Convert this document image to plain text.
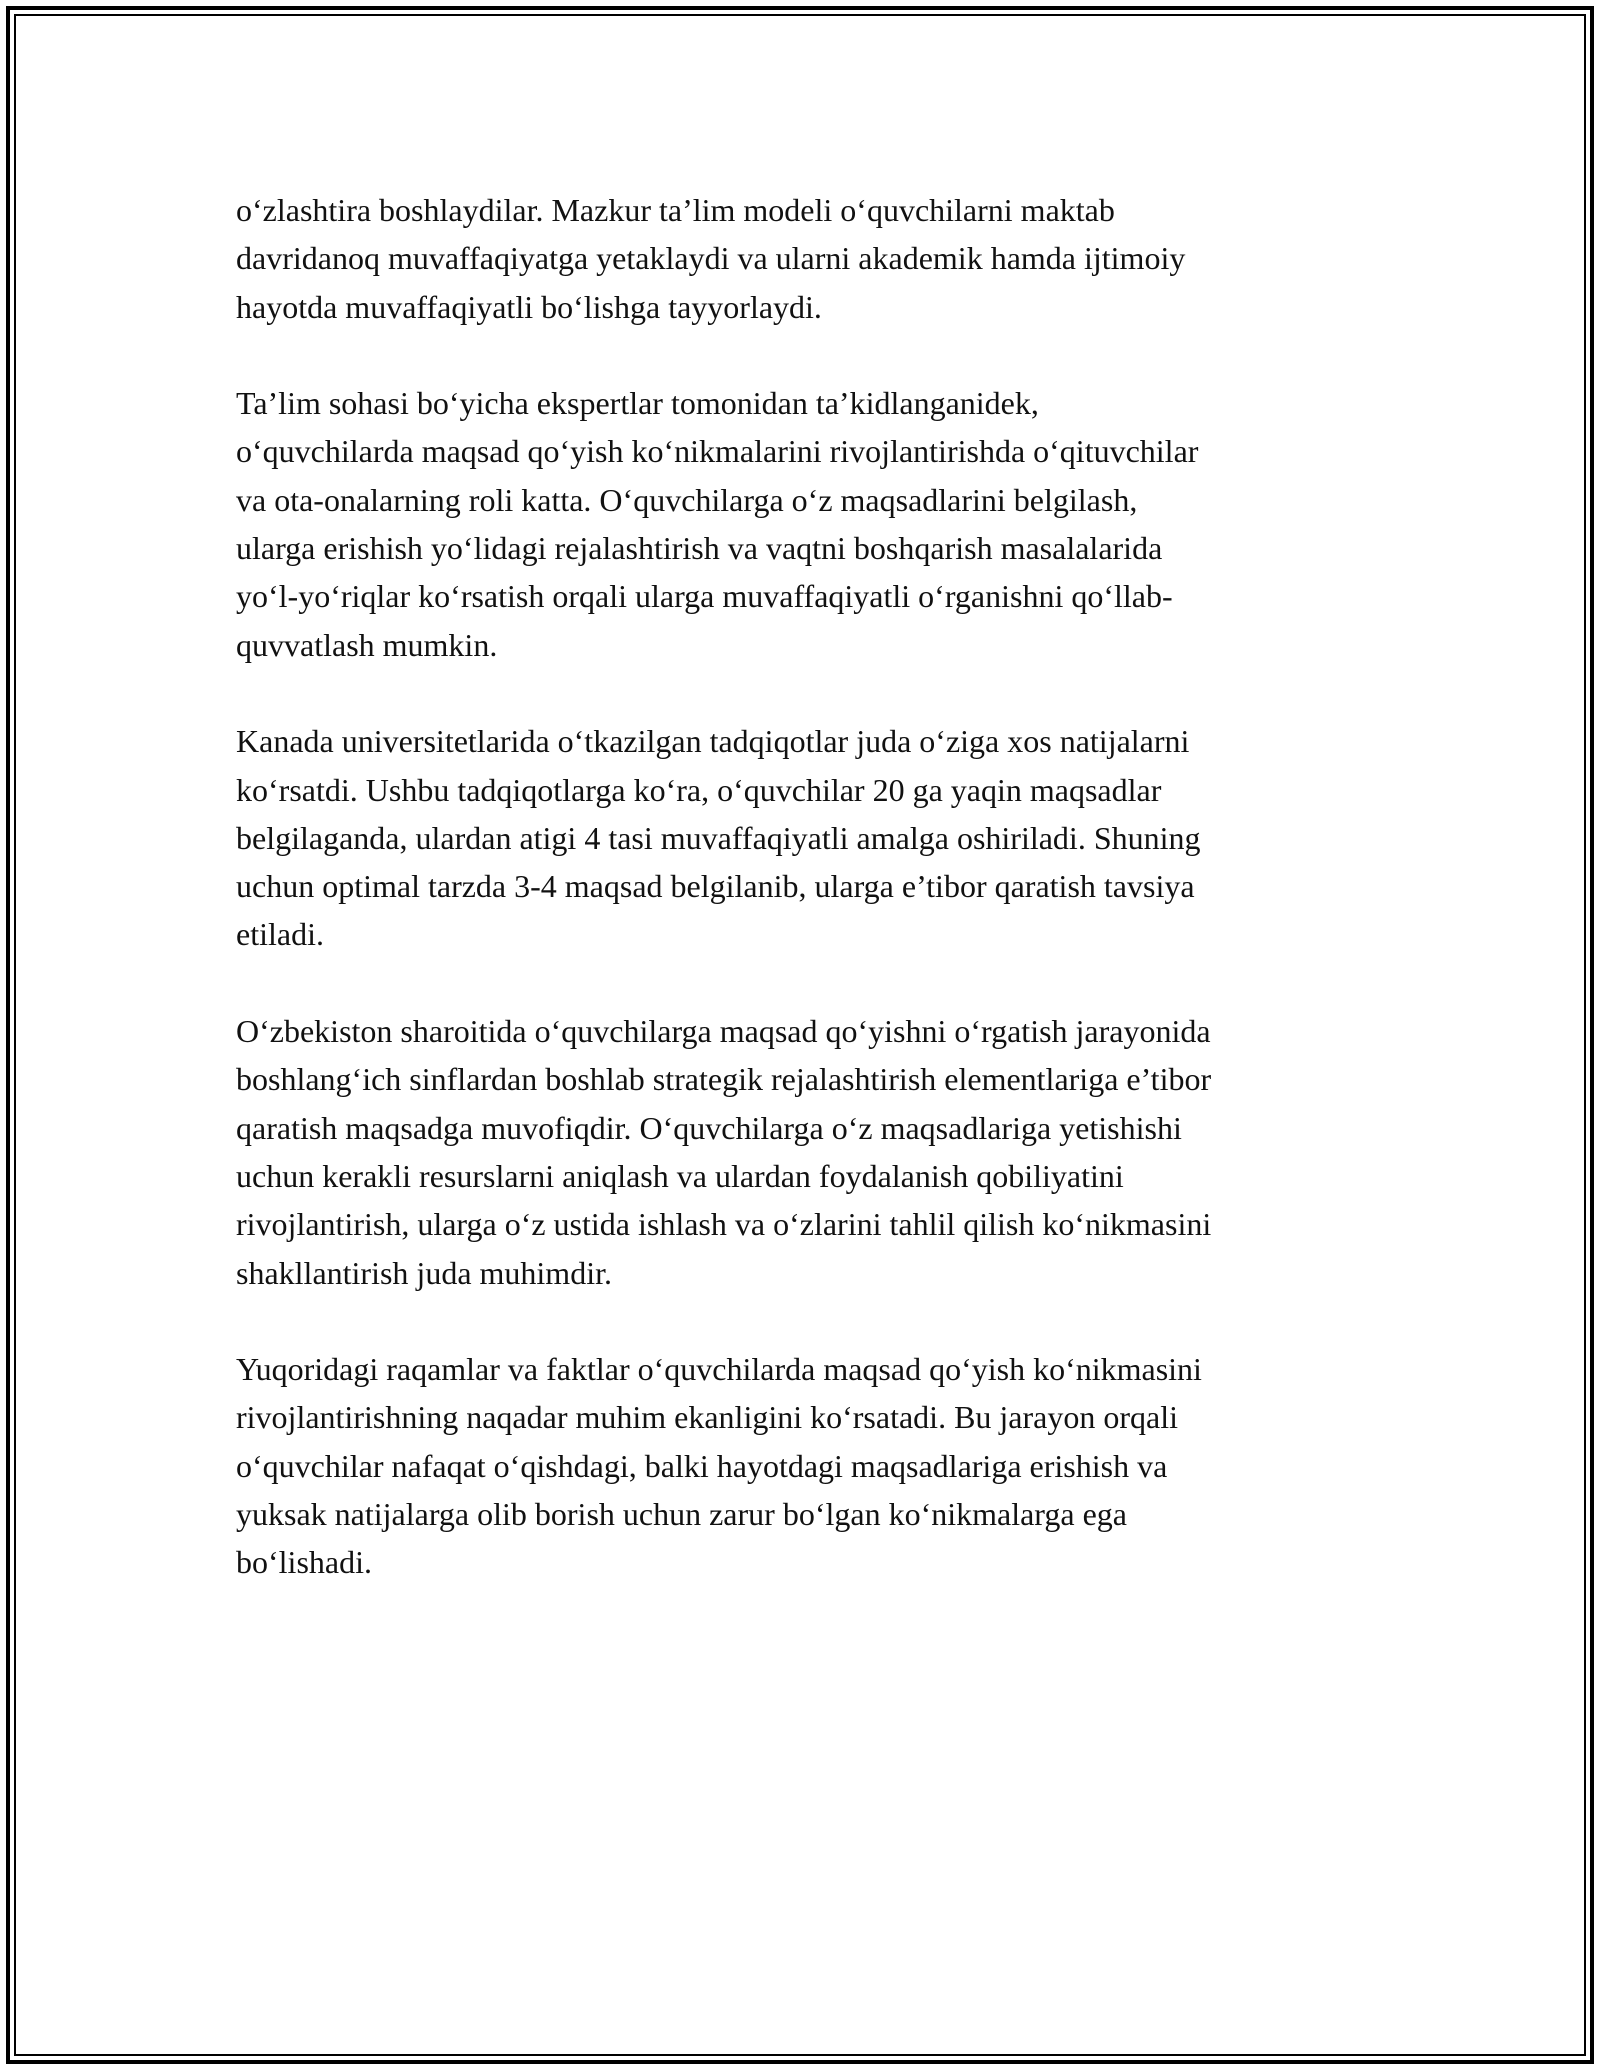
o‘zlashtira boshlaydilar. Mazkur ta’lim modeli o‘quvchilarni maktab
davridanoq muvaffaqiyatga yetaklaydi va ularni akademik hamda ijtimoiy
hayotda muvaffaqiyatli bo‘lishga tayyorlaydi.

Ta’lim sohasi bo‘yicha ekspertlar tomonidan ta’kidlanganidek,
o‘quvchilarda maqsad qo‘yish ko‘nikmalarini rivojlantirishda o‘qituvchilar
va ota-onalarning roli katta. O‘quvchilarga o‘z maqsadlarini belgilash,
ularga erishish yo‘lidagi rejalashtirish va vaqtni boshqarish masalalarida
yo‘l-yo‘riqlar ko‘rsatish orqali ularga muvaffaqiyatli o‘rganishni qo‘llab-
quvvatlash mumkin.

Kanada universitetlarida o‘tkazilgan tadqiqotlar juda o‘ziga xos natijalarni
ko‘rsatdi. Ushbu tadqiqotlarga ko‘ra, o‘quvchilar 20 ga yaqin maqsadlar
belgilaganda, ulardan atigi 4 tasi muvaffaqiyatli amalga oshiriladi. Shuning
uchun optimal tarzda 3-4 maqsad belgilanib, ularga e’tibor qaratish tavsiya
etiladi.

O‘zbekiston sharoitida o‘quvchilarga maqsad qo‘yishni o‘rgatish jarayonida
boshlang‘ich sinflardan boshlab strategik rejalashtirish elementlariga e’tibor
qaratish maqsadga muvofiqdir. O‘quvchilarga o‘z maqsadlariga yetishishi
uchun kerakli resurslarni aniqlash va ulardan foydalanish qobiliyatini
rivojlantirish, ularga o‘z ustida ishlash va o‘zlarini tahlil qilish ko‘nikmasini
shakllantirish juda muhimdir.

Yuqoridagi raqamlar va faktlar o‘quvchilarda maqsad qo‘yish ko‘nikmasini
rivojlantirishning naqadar muhim ekanligini ko‘rsatadi. Bu jarayon orqali
o‘quvchilar nafaqat o‘qishdagi, balki hayotdagi maqsadlariga erishish va
yuksak natijalarga olib borish uchun zarur bo‘lgan ko‘nikmalarga ega
bo‘lishadi.
